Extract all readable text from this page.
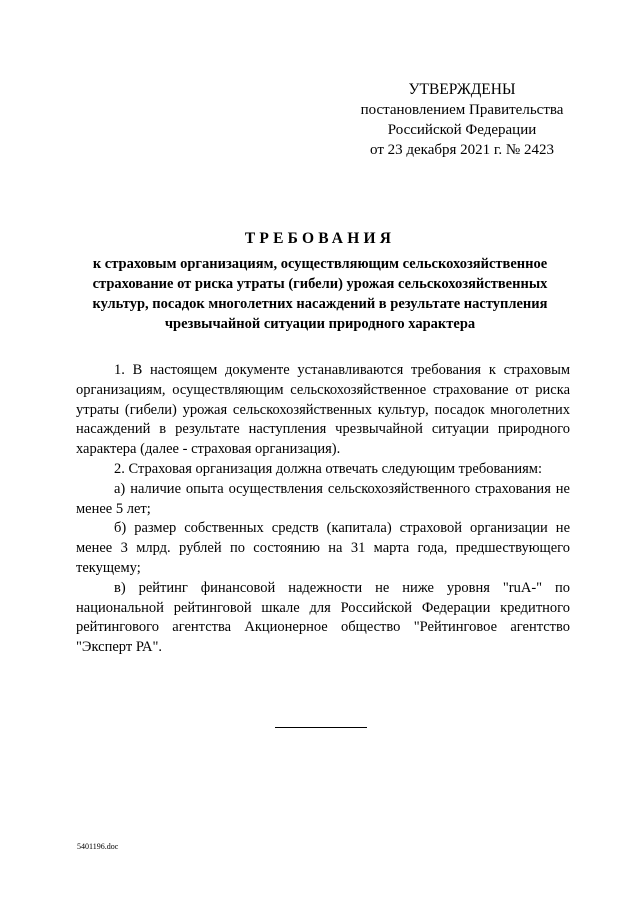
УТВЕРЖДЕНЫ
постановлением Правительства
Российской Федерации
от 23 декабря 2021 г. № 2423
ТРЕБОВАНИЯ
к страховым организациям, осуществляющим сельскохозяйственное
страхование от риска утраты (гибели) урожая сельскохозяйственных
культур, посадок многолетних насаждений в результате наступления
чрезвычайной ситуации природного характера

1. В настоящем документе устанавливаются требования к страховым организациям, осуществляющим сельскохозяйственное страхование от риска утраты (гибели) урожая сельскохозяйственных культур, посадок многолетних насаждений в результате наступления чрезвычайной ситуации природного характера (далее - страховая организация).

2. Страховая организация должна отвечать следующим требованиям:

а) наличие опыта осуществления сельскохозяйственного страхования не менее 5 лет;

б) размер собственных средств (капитала) страховой организации не менее 3 млрд. рублей по состоянию на 31 марта года, предшествующего текущему;

в) рейтинг финансовой надежности не ниже уровня "ruA-" по национальной рейтинговой шкале для Российской Федерации кредитного рейтингового агентства Акционерное общество "Рейтинговое агентство "Эксперт РА".

5401196.doc
